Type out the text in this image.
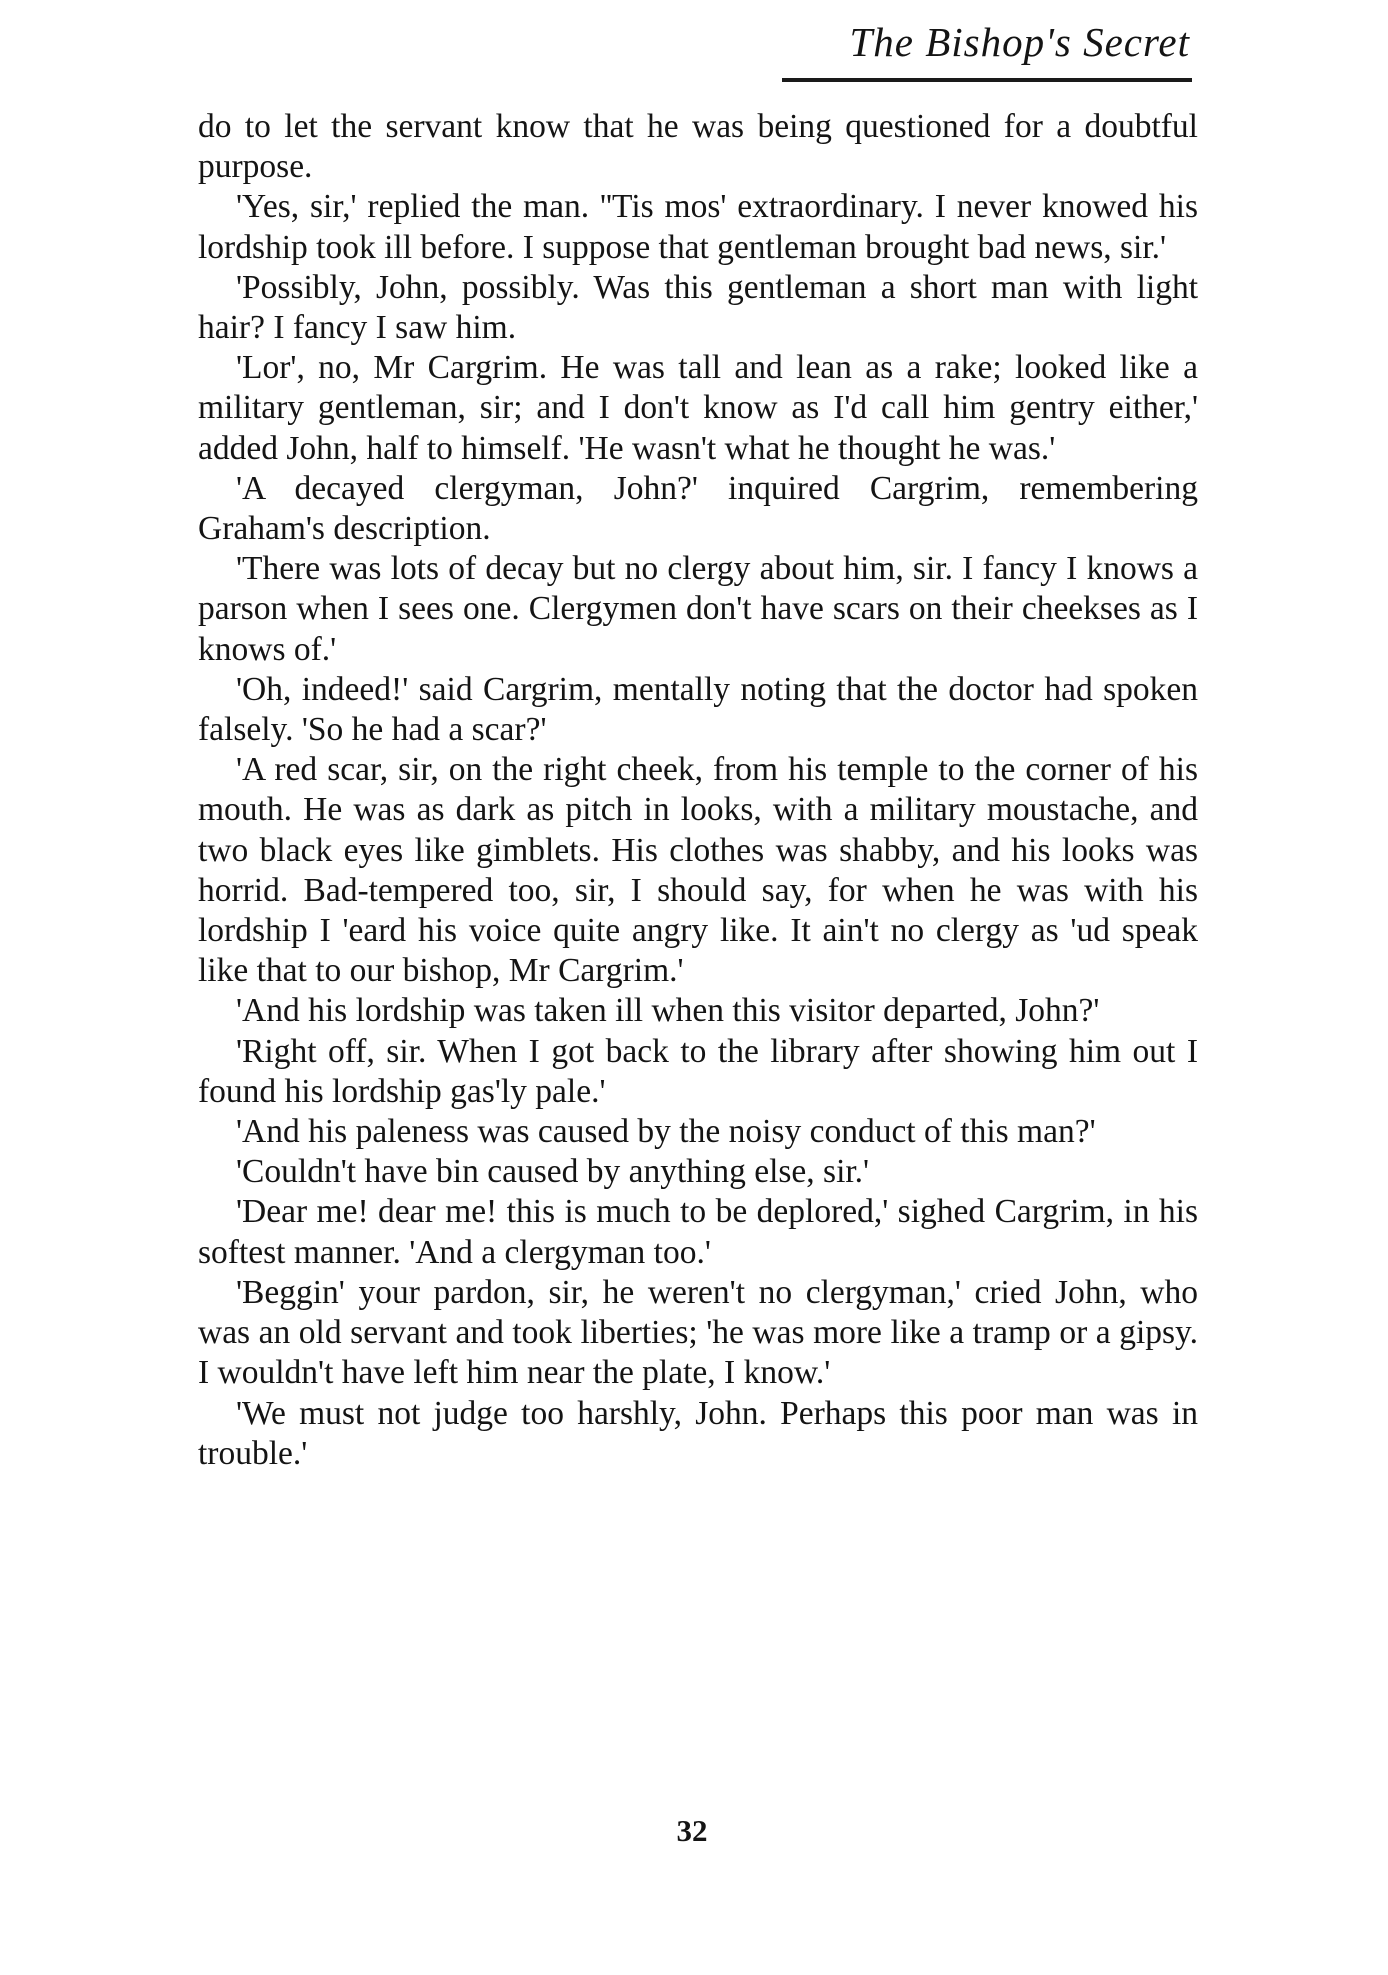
The Bishop's Secret

do to let the servant know that he was being questioned for a doubtful purpose.

'Yes, sir,' replied the man. ''Tis mos' extraordinary. I never knowed his lordship took ill before. I suppose that gentleman brought bad news, sir.'

'Possibly, John, possibly. Was this gentleman a short man with light hair? I fancy I saw him.

'Lor', no, Mr Cargrim. He was tall and lean as a rake; looked like a military gentleman, sir; and I don't know as I'd call him gentry either,' added John, half to himself. 'He wasn't what he thought he was.'

'A decayed clergyman, John?' inquired Cargrim, remembering Graham's description.

'There was lots of decay but no clergy about him, sir. I fancy I knows a parson when I sees one. Clergymen don't have scars on their cheekses as I knows of.'

'Oh, indeed!' said Cargrim, mentally noting that the doctor had spoken falsely. 'So he had a scar?'

'A red scar, sir, on the right cheek, from his temple to the corner of his mouth. He was as dark as pitch in looks, with a military moustache, and two black eyes like gimblets. His clothes was shabby, and his looks was horrid. Bad-tempered too, sir, I should say, for when he was with his lordship I 'eard his voice quite angry like. It ain't no clergy as 'ud speak like that to our bishop, Mr Cargrim.'

'And his lordship was taken ill when this visitor departed, John?'

'Right off, sir. When I got back to the library after showing him out I found his lordship gas'ly pale.'

'And his paleness was caused by the noisy conduct of this man?'

'Couldn't have bin caused by anything else, sir.'

'Dear me! dear me! this is much to be deplored,' sighed Cargrim, in his softest manner. 'And a clergyman too.'

'Beggin' your pardon, sir, he weren't no clergyman,' cried John, who was an old servant and took liberties; 'he was more like a tramp or a gipsy. I wouldn't have left him near the plate, I know.'

'We must not judge too harshly, John. Perhaps this poor man was in trouble.'

32
